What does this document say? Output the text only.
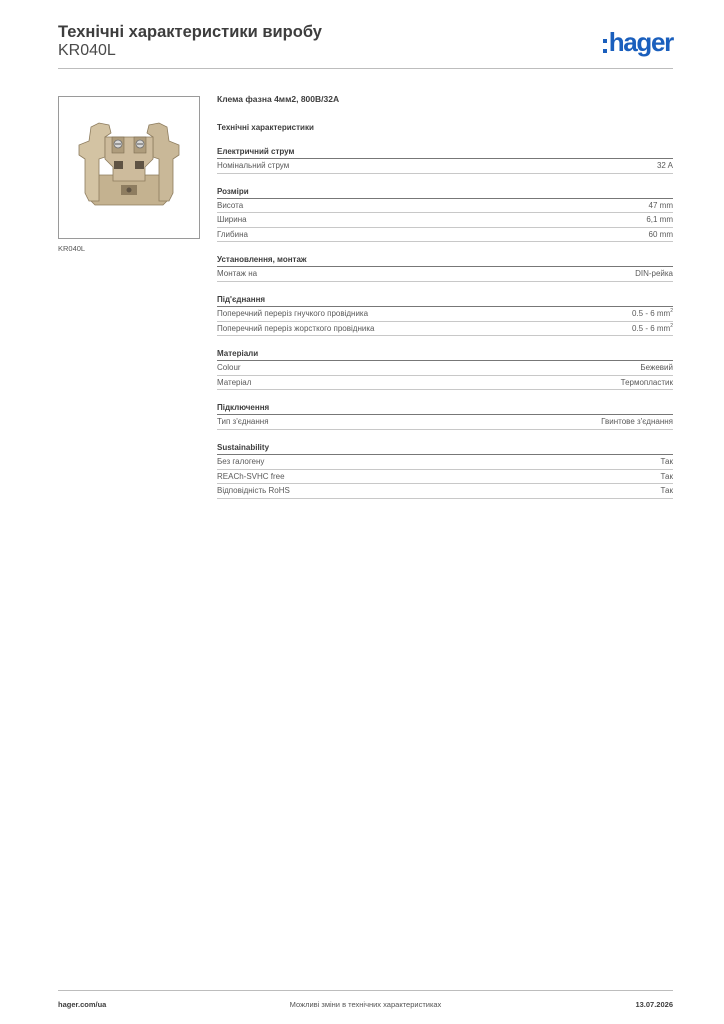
Технічні характеристики виробу
KR040L	hager
KR040L
Клема фазна 4мм2, 800В/32А
Технічні характеристики
Електричний струм
Номінальний струм	32 A
Розміри
Висота	47 mm
Ширина	6,1 mm
Глибина	60 mm
Установлення, монтаж
Монтаж на	DIN-рейка
Під'єднання
Поперечний переріз гнучкого провідника	0.5 - 6 $mm^2$
Поперечний переріз жорсткого провідника	0.5 - 6 $mm^2$
Матеріали
Colour	Бежевий
Матеріал	Термопластик
Підключення
Тип з'єднання	Гвинтове з'єднання
Sustainability
Без галогену	Так
REACh-SVHC free	Так
Відповідність RoHS	Так
hager.com/ua	Можливі зміни в технічних характеристиках	13.07.2026
